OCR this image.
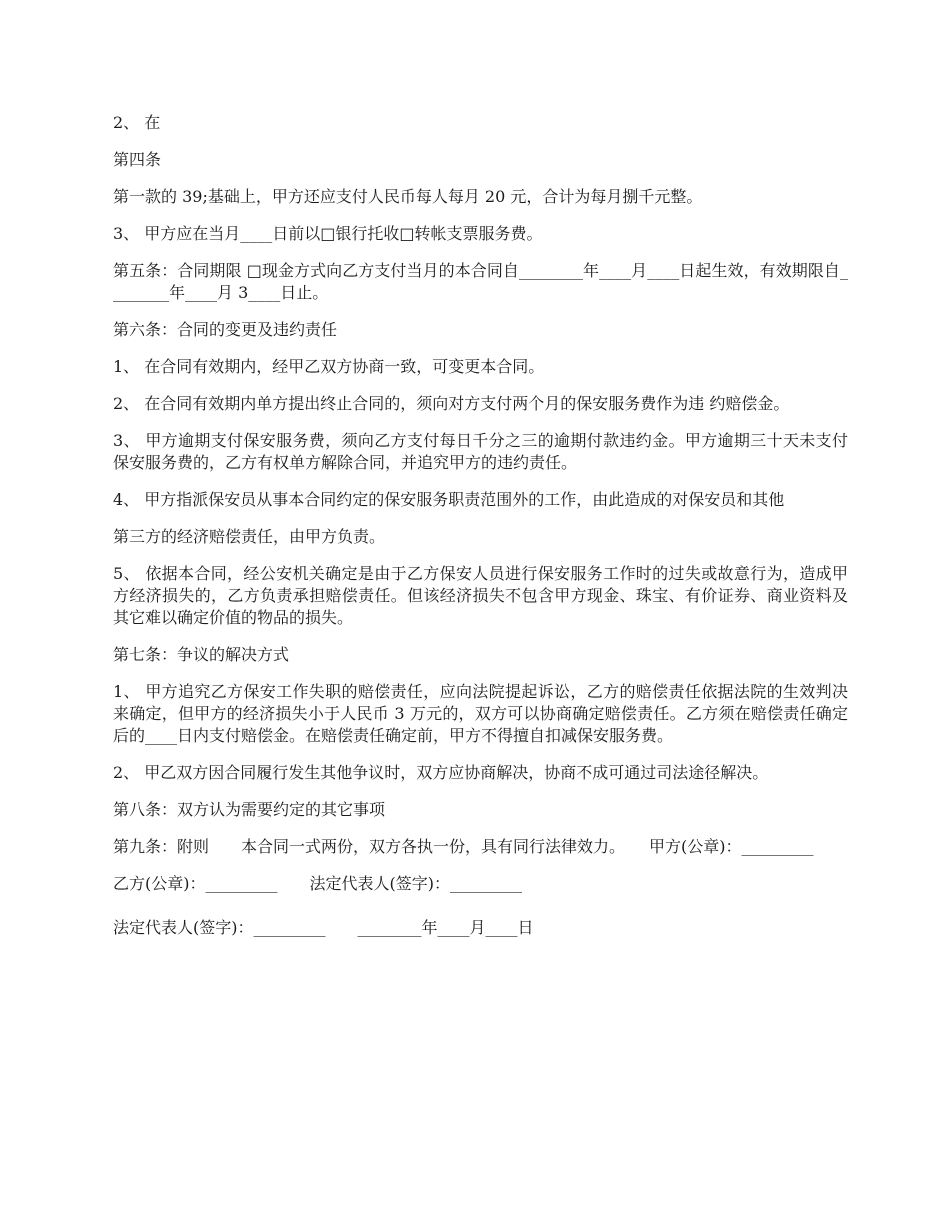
2、 在

第四条

第一款的 39;基础上，甲方还应支付人民币每人每月 20 元，合计为每月捌千元整。

3、 甲方应在当月____日前以□银行托收□转帐支票服务费。

第五条：合同期限 □现金方式向乙方支付当月的本合同自________年____月____日起生效，有效期限自________年____月 3____日止。

第六条：合同的变更及违约责任

1、 在合同有效期内，经甲乙双方协商一致，可变更本合同。

2、 在合同有效期内单方提出终止合同的，须向对方支付两个月的保安服务费作为违 约赔偿金。

3、 甲方逾期支付保安服务费，须向乙方支付每日千分之三的逾期付款违约金。甲方逾期三十天未支付保安服务费的，乙方有权单方解除合同，并追究甲方的违约责任。

4、 甲方指派保安员从事本合同约定的保安服务职责范围外的工作，由此造成的对保安员和其他

第三方的经济赔偿责任，由甲方负责。

5、 依据本合同，经公安机关确定是由于乙方保安人员进行保安服务工作时的过失或故意行为，造成甲方经济损失的，乙方负责承担赔偿责任。但该经济损失不包含甲方现金、珠宝、有价证券、商业资料及其它难以确定价值的物品的损失。

第七条：争议的解决方式

1、 甲方追究乙方保安工作失职的赔偿责任，应向法院提起诉讼，乙方的赔偿责任依据法院的生效判决来确定，但甲方的经济损失小于人民币 3 万元的，双方可以协商确定赔偿责任。乙方须在赔偿责任确定后的____日内支付赔偿金。在赔偿责任确定前，甲方不得擅自扣减保安服务费。

2、 甲乙双方因合同履行发生其他争议时，双方应协商解决，协商不成可通过司法途径解决。

第八条：双方认为需要约定的其它事项

第九条：附则　　本合同一式两份，双方各执一份，具有同行法律效力。　　甲方(公章)：_________

乙方(公章)：_________　　法定代表人(签字)：_________

法定代表人(签字)：_________　　________年____月____日
